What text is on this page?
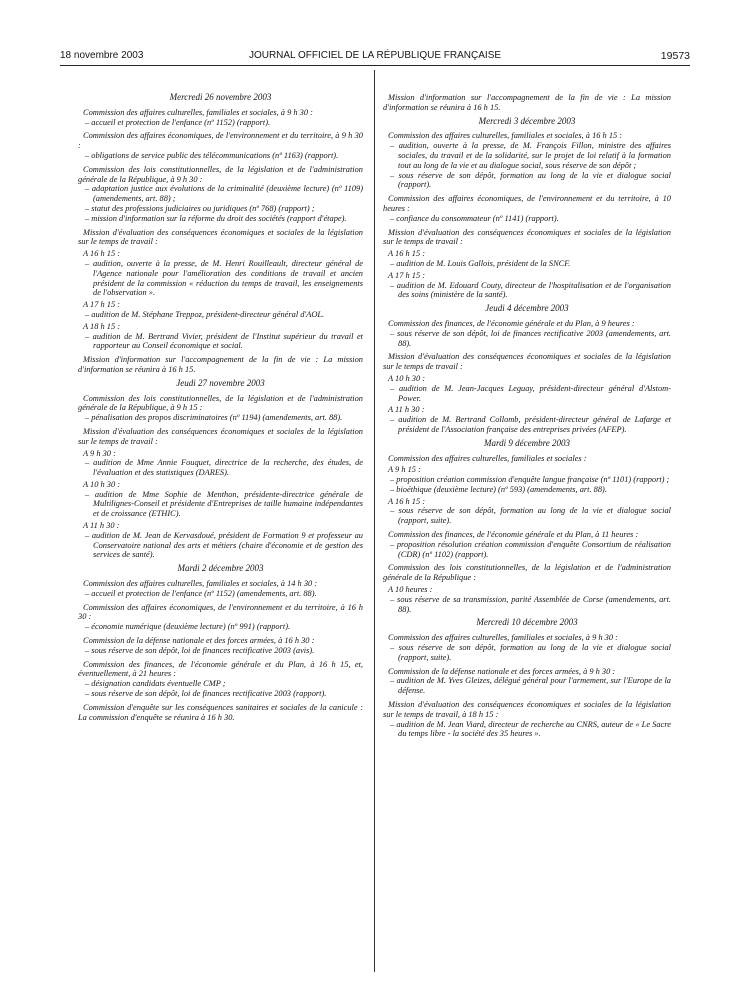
18 novembre 2003	JOURNAL OFFICIEL DE LA RÉPUBLIQUE FRANÇAISE	19573
Mercredi 26 novembre 2003

Commission des affaires culturelles, familiales et sociales, à 9 h 30 :

– accueil et protection de l'enfance (nº 1152) (rapport).

Commission des affaires économiques, de l'environnement et du territoire, à 9 h 30 :

– obligations de service public des télécommunications (nº 1163) (rapport).

Commission des lois constitutionnelles, de la législation et de l'administration générale de la République, à 9 h 30 :

– adaptation justice aux évolutions de la criminalité (deuxième lecture) (nº 1109) (amendements, art. 88) ;

– statut des professions judiciaires ou juridiques (nº 768) (rapport) ;

– mission d'information sur la réforme du droit des sociétés (rapport d'étape).

Mission d'évaluation des conséquences économiques et sociales de la législation sur le temps de travail :

A 16 h 15 :

– audition, ouverte à la presse, de M. Henri Rouilleault, directeur général de l'Agence nationale pour l'amélioration des conditions de travail et ancien président de la commission « réduction du temps de travail, les enseignements de l'observation ».

A 17 h 15 :

– audition de M. Stéphane Treppoz, président-directeur général d'AOL.

A 18 h 15 :

– audition de M. Bertrand Vivier, président de l'Institut supérieur du travail et rapporteur au Conseil économique et social.

Mission d'information sur l'accompagnement de la fin de vie : La mission d'information se réunira à 16 h 15.

Jeudi 27 novembre 2003

Commission des lois constitutionnelles, de la législation et de l'administration générale de la République, à 9 h 15 :

– pénalisation des propos discriminatoires (nº 1194) (amendements, art. 88).

Mission d'évaluation des conséquences économiques et sociales de la législation sur le temps de travail :

A 9 h 30 :

– audition de Mme Annie Fouquet, directrice de la recherche, des études, de l'évaluation et des statistiques (DARES).

A 10 h 30 :

– audition de Mme Sophie de Menthon, présidente-directrice générale de Multilignes-Conseil et présidente d'Entreprises de taille humaine indépendantes et de croissance (ETHIC).

A 11 h 30 :

– audition de M. Jean de Kervasdoué, président de Formation 9 et professeur au Conservatoire national des arts et métiers (chaire d'économie et de gestion des services de santé).

Mardi 2 décembre 2003

Commission des affaires culturelles, familiales et sociales, à 14 h 30 :

– accueil et protection de l'enfance (nº 1152) (amendements, art. 88).

Commission des affaires économiques, de l'environnement et du territoire, à 16 h 30 :

– économie numérique (deuxième lecture) (nº 991) (rapport).

Commission de la défense nationale et des forces armées, à 16 h 30 :

– sous réserve de son dépôt, loi de finances rectificative 2003 (avis).

Commission des finances, de l'économie générale et du Plan, à 16 h 15, et, éventuellement, à 21 heures :

– désignation candidats éventuelle CMP ;

– sous réserve de son dépôt, loi de finances rectificative 2003 (rapport).

Commission d'enquête sur les conséquences sanitaires et sociales de la canicule : La commission d'enquête se réunira à 16 h 30.

Mission d'information sur l'accompagnement de la fin de vie : La mission d'information se réunira à 16 h 15.

Mercredi 3 décembre 2003

Commission des affaires culturelles, familiales et sociales, à 16 h 15 :

– audition, ouverte à la presse, de M. François Fillon, ministre des affaires sociales, du travail et de la solidarité, sur le projet de loi relatif à la formation tout au long de la vie et au dialogue social, sous réserve de son dépôt ;

– sous réserve de son dépôt, formation au long de la vie et dialogue social (rapport).

Commission des affaires économiques, de l'environnement et du territoire, à 10 heures :

– confiance du consommateur (nº 1141) (rapport).

Mission d'évaluation des conséquences économiques et sociales de la législation sur le temps de travail :

A 16 h 15 :

– audition de M. Louis Gallois, président de la SNCF.

A 17 h 15 :

– audition de M. Edouard Couty, directeur de l'hospitalisation et de l'organisation des soins (ministère de la santé).

Jeudi 4 décembre 2003

Commission des finances, de l'économie générale et du Plan, à 9 heures :

– sous réserve de son dépôt, loi de finances rectificative 2003 (amendements, art. 88).

Mission d'évaluation des conséquences économiques et sociales de la législation sur le temps de travail :

A 10 h 30 :

– audition de M. Jean-Jacques Leguay, président-directeur général d'Alstom-Power.

A 11 h 30 :

– audition de M. Bertrand Collomb, président-directeur général de Lafarge et président de l'Association française des entreprises privées (AFEP).

Mardi 9 décembre 2003

Commission des affaires culturelles, familiales et sociales :

A 9 h 15 :

– proposition création commission d'enquête langue française (nº 1101) (rapport) ;

– bioéthique (deuxième lecture) (nº 593) (amendements, art. 88).

A 16 h 15 :

– sous réserve de son dépôt, formation au long de la vie et dialogue social (rapport, suite).

Commission des finances, de l'économie générale et du Plan, à 11 heures :

– proposition résolution création commission d'enquête Consortium de réalisation (CDR) (nº 1102) (rapport).

Commission des lois constitutionnelles, de la législation et de l'administration générale de la République :

A 10 heures :

– sous réserve de sa transmission, parité Assemblée de Corse (amendements, art. 88).

Mercredi 10 décembre 2003

Commission des affaires culturelles, familiales et sociales, à 9 h 30 :

– sous réserve de son dépôt, formation au long de la vie et dialogue social (rapport, suite).

Commission de la défense nationale et des forces armées, à 9 h 30 :

– audition de M. Yves Gleizes, délégué général pour l'armement, sur l'Europe de la défense.

Mission d'évaluation des conséquences économiques et sociales de la législation sur le temps de travail, à 18 h 15 :

– audition de M. Jean Viard, directeur de recherche au CNRS, auteur de « Le Sacre du temps libre - la société des 35 heures ».
